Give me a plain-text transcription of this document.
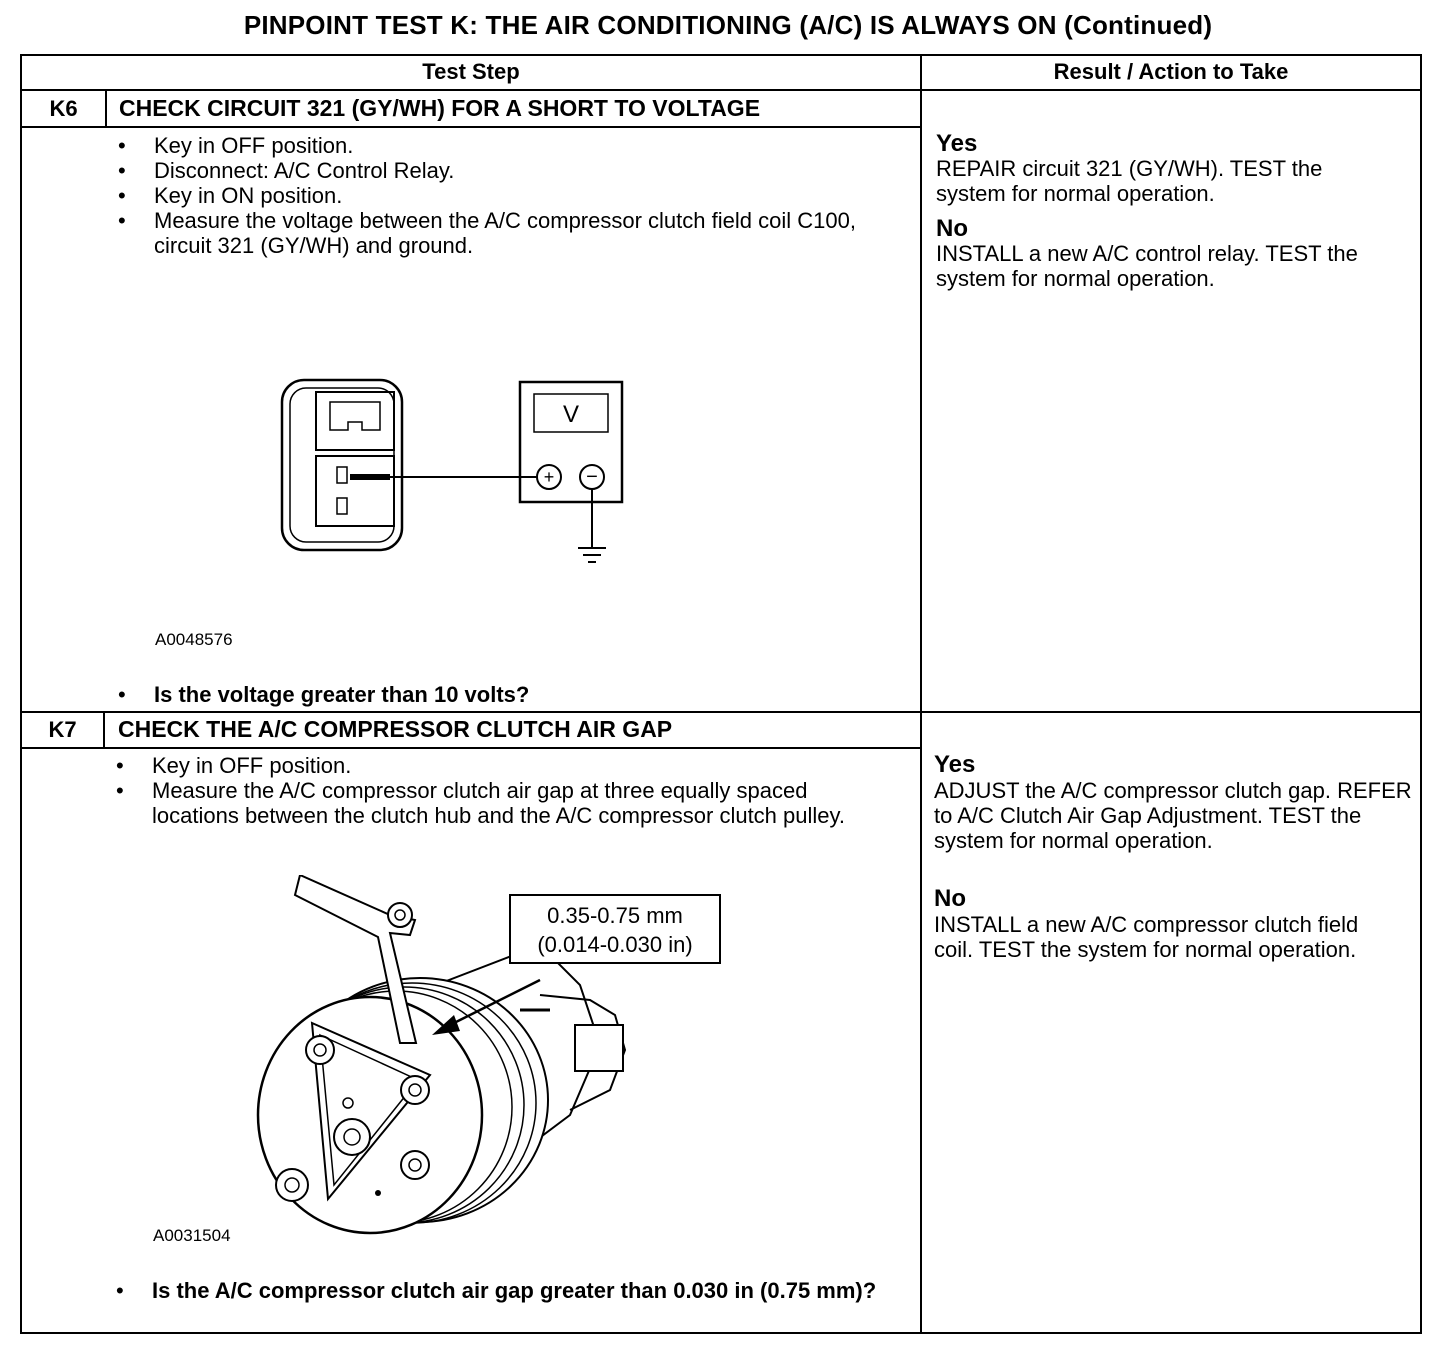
PINPOINT TEST K: THE AIR CONDITIONING (A/C) IS ALWAYS ON (Continued)
Test Step	Result / Action to Take
K6	CHECK CIRCUIT 321 (GY/WH) FOR A SHORT TO VOLTAGE
• Key in OFF position.
• Disconnect: A/C Control Relay.
• Key in ON position.
• Measure the voltage between the A/C compressor clutch field coil C100, circuit 321 (GY/WH) and ground.
V
+ −
A0048576
• Is the voltage greater than 10 volts?
Yes
REPAIR circuit 321 (GY/WH). TEST the system for normal operation.
No
INSTALL a new A/C control relay. TEST the system for normal operation.
K7	CHECK THE A/C COMPRESSOR CLUTCH AIR GAP
• Key in OFF position.
• Measure the A/C compressor clutch air gap at three equally spaced locations between the clutch hub and the A/C compressor clutch pulley.
0.35-0.75 mm
(0.014-0.030 in)
A0031504
• Is the A/C compressor clutch air gap greater than 0.030 in (0.75 mm)?
Yes
ADJUST the A/C compressor clutch gap. REFER to A/C Clutch Air Gap Adjustment. TEST the system for normal operation.
No
INSTALL a new A/C compressor clutch field coil. TEST the system for normal operation.
